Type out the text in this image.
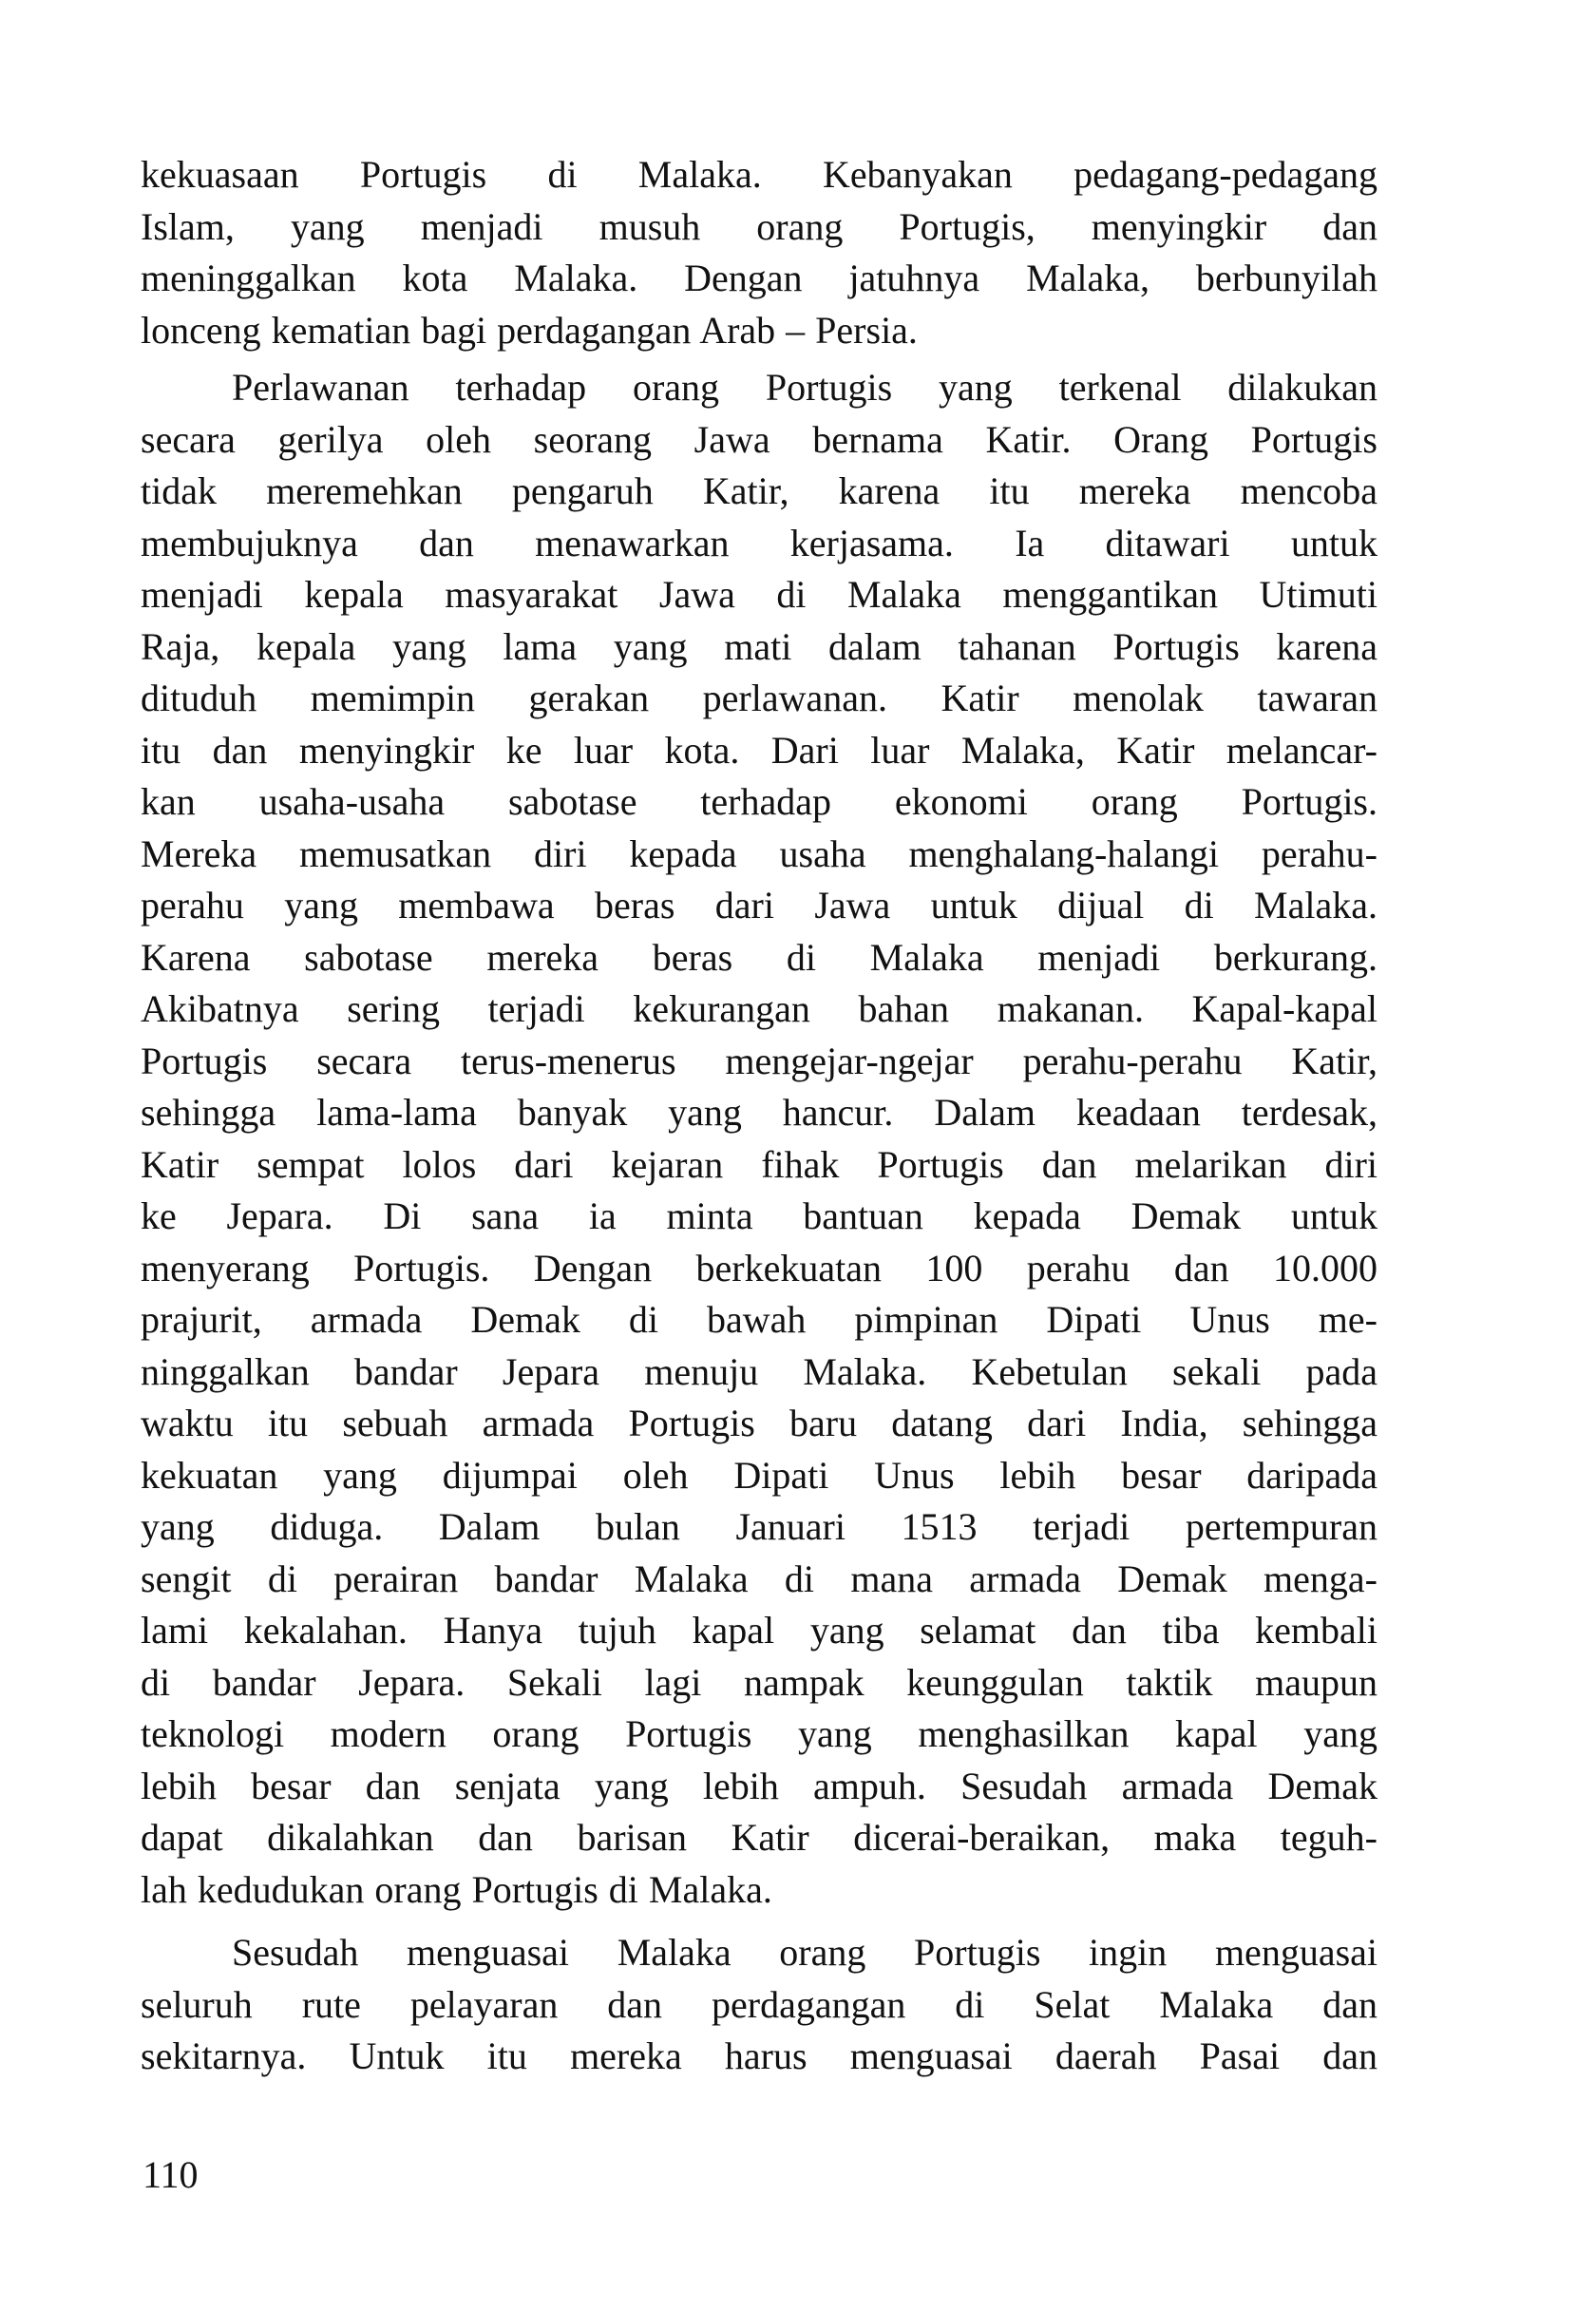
kekuasaan Portugis di Malaka. Kebanyakan pedagang-pedagang
Islam, yang menjadi musuh orang Portugis, menyingkir dan
meninggalkan kota Malaka. Dengan jatuhnya Malaka, berbunyilah
lonceng kematian bagi perdagangan Arab – Persia.
Perlawanan terhadap orang Portugis yang terkenal dilakukan
secara gerilya oleh seorang Jawa bernama Katir. Orang Portugis
tidak meremehkan pengaruh Katir, karena itu mereka mencoba
membujuknya dan menawarkan kerjasama. Ia ditawari untuk
menjadi kepala masyarakat Jawa di Malaka menggantikan Utimuti
Raja, kepala yang lama yang mati dalam tahanan Portugis karena
dituduh memimpin gerakan perlawanan. Katir menolak tawaran
itu dan menyingkir ke luar kota. Dari luar Malaka, Katir melancar-
kan usaha-usaha sabotase terhadap ekonomi orang Portugis.
Mereka memusatkan diri kepada usaha menghalang-halangi perahu-
perahu yang membawa beras dari Jawa untuk dijual di Malaka.
Karena sabotase mereka beras di Malaka menjadi berkurang.
Akibatnya sering terjadi kekurangan bahan makanan. Kapal-kapal
Portugis secara terus-menerus mengejar-ngejar perahu-perahu Katir,
sehingga lama-lama banyak yang hancur. Dalam keadaan terdesak,
Katir sempat lolos dari kejaran fihak Portugis dan melarikan diri
ke Jepara. Di sana ia minta bantuan kepada Demak untuk
menyerang Portugis. Dengan berkekuatan 100 perahu dan 10.000
prajurit, armada Demak di bawah pimpinan Dipati Unus me-
ninggalkan bandar Jepara menuju Malaka. Kebetulan sekali pada
waktu itu sebuah armada Portugis baru datang dari India, sehingga
kekuatan yang dijumpai oleh Dipati Unus lebih besar daripada
yang diduga. Dalam bulan Januari 1513 terjadi pertempuran
sengit di perairan bandar Malaka di mana armada Demak menga-
lami kekalahan. Hanya tujuh kapal yang selamat dan tiba kembali
di bandar Jepara. Sekali lagi nampak keunggulan taktik maupun
teknologi modern orang Portugis yang menghasilkan kapal yang
lebih besar dan senjata yang lebih ampuh. Sesudah armada Demak
dapat dikalahkan dan barisan Katir dicerai-beraikan, maka teguh-
lah kedudukan orang Portugis di Malaka.
Sesudah menguasai Malaka orang Portugis ingin menguasai
seluruh rute pelayaran dan perdagangan di Selat Malaka dan
sekitarnya. Untuk itu mereka harus menguasai daerah Pasai dan
110
